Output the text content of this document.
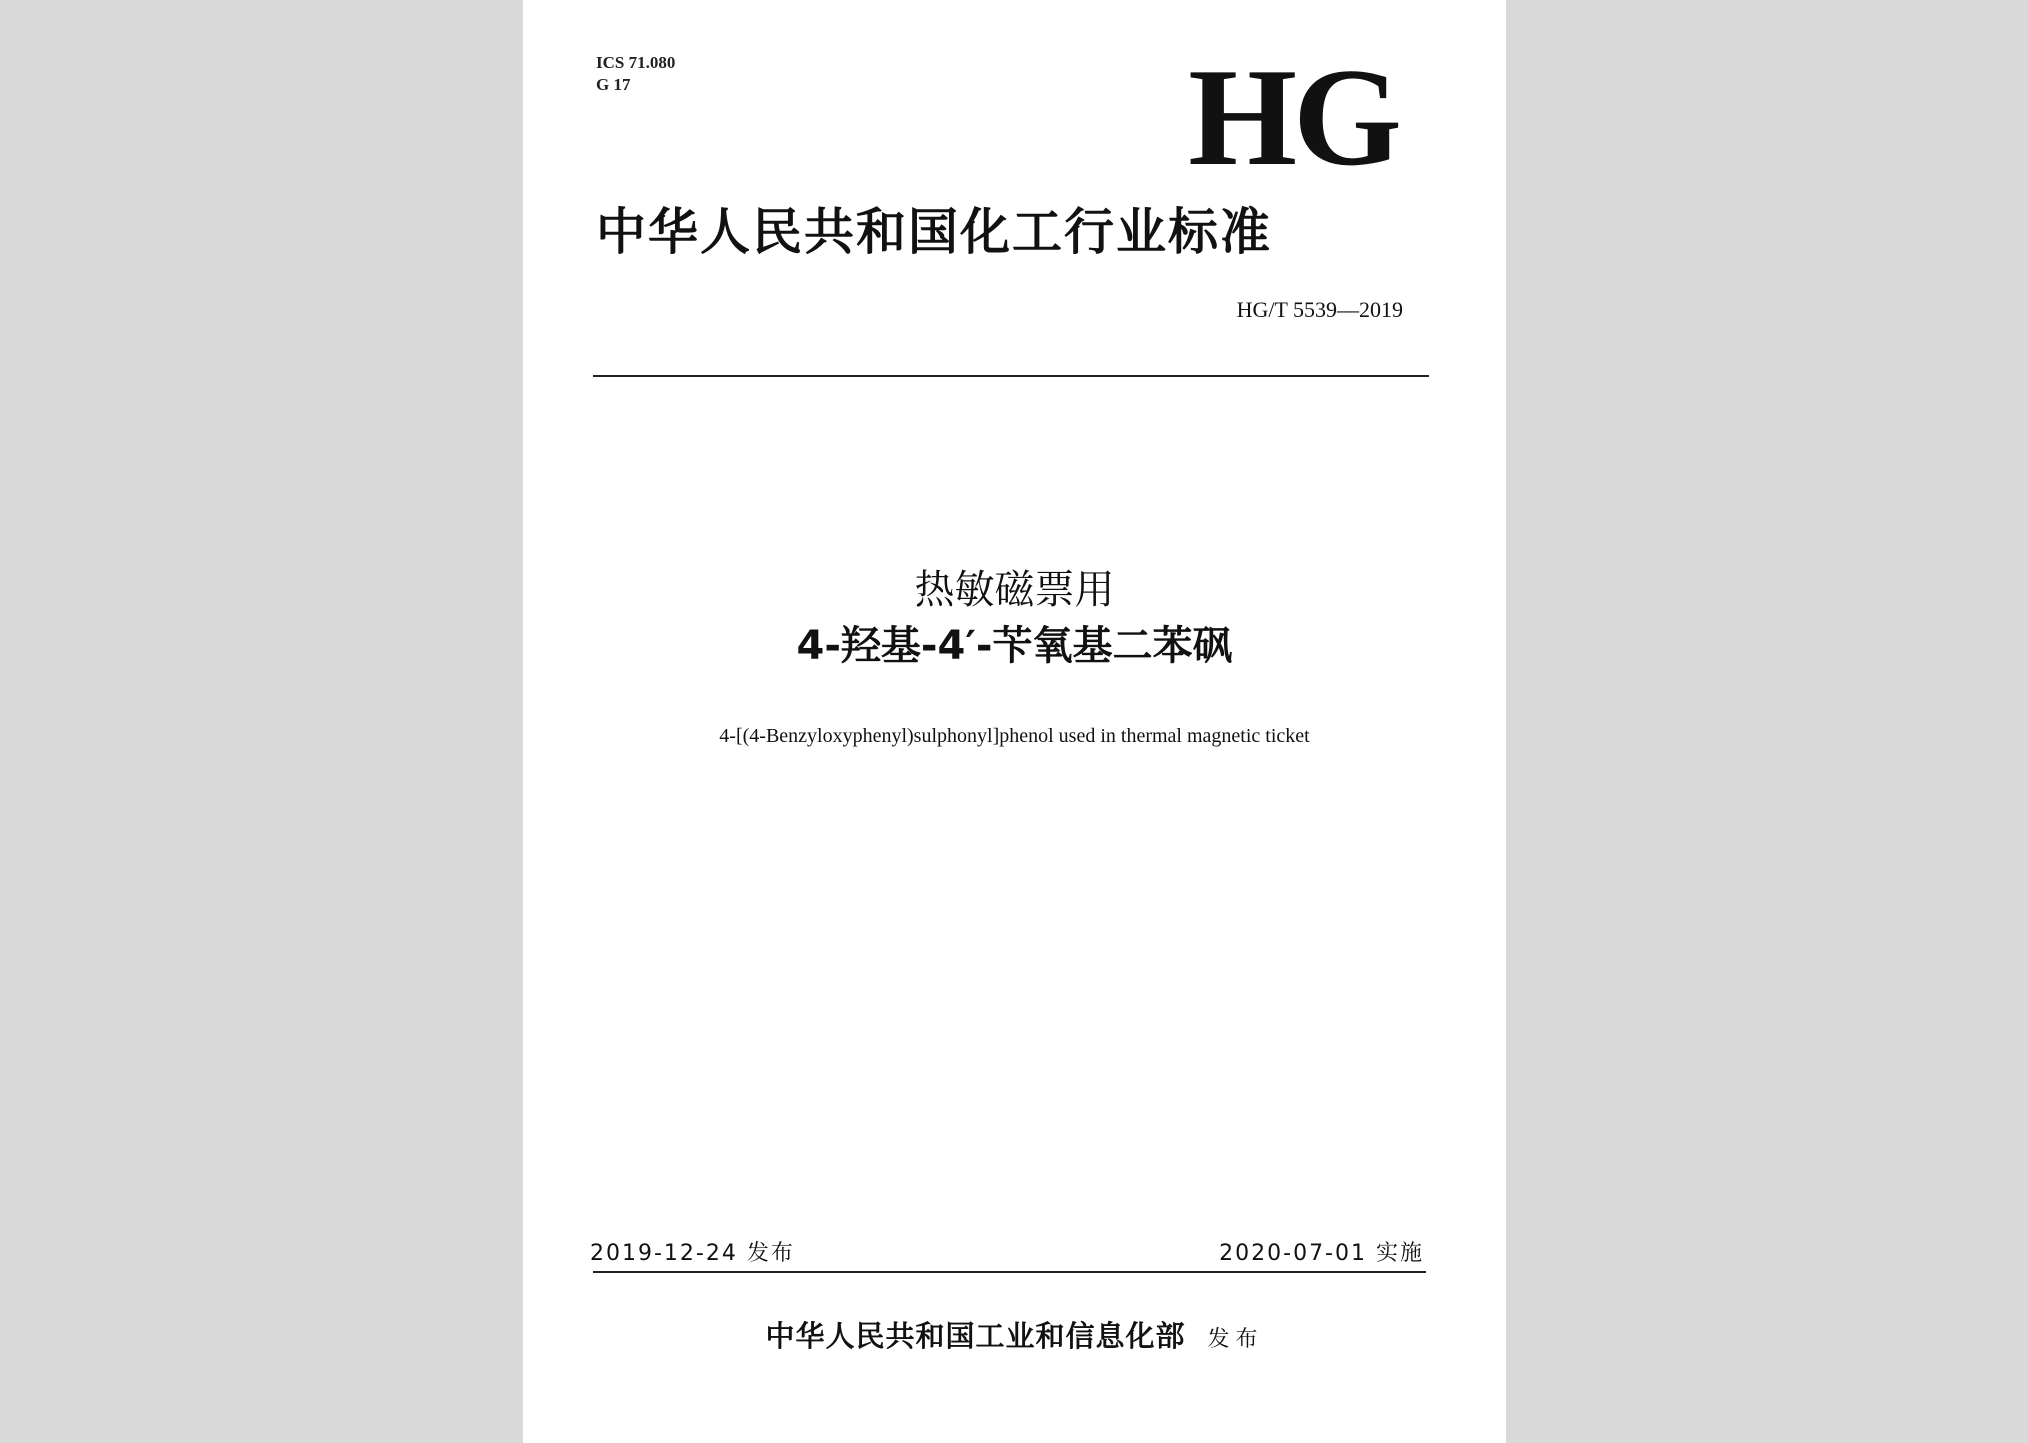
ICS 71.080
G 17	HG
中华人民共和国化工行业标准
HG/T 5539—2019
热敏磁票用
4-羟基-4′-苄氧基二苯砜
4-[(4-Benzyloxyphenyl)sulphonyl]phenol used in thermal magnetic ticket
2019-12-24 发布	2020-07-01 实施
中华人民共和国工业和信息化部 发布
